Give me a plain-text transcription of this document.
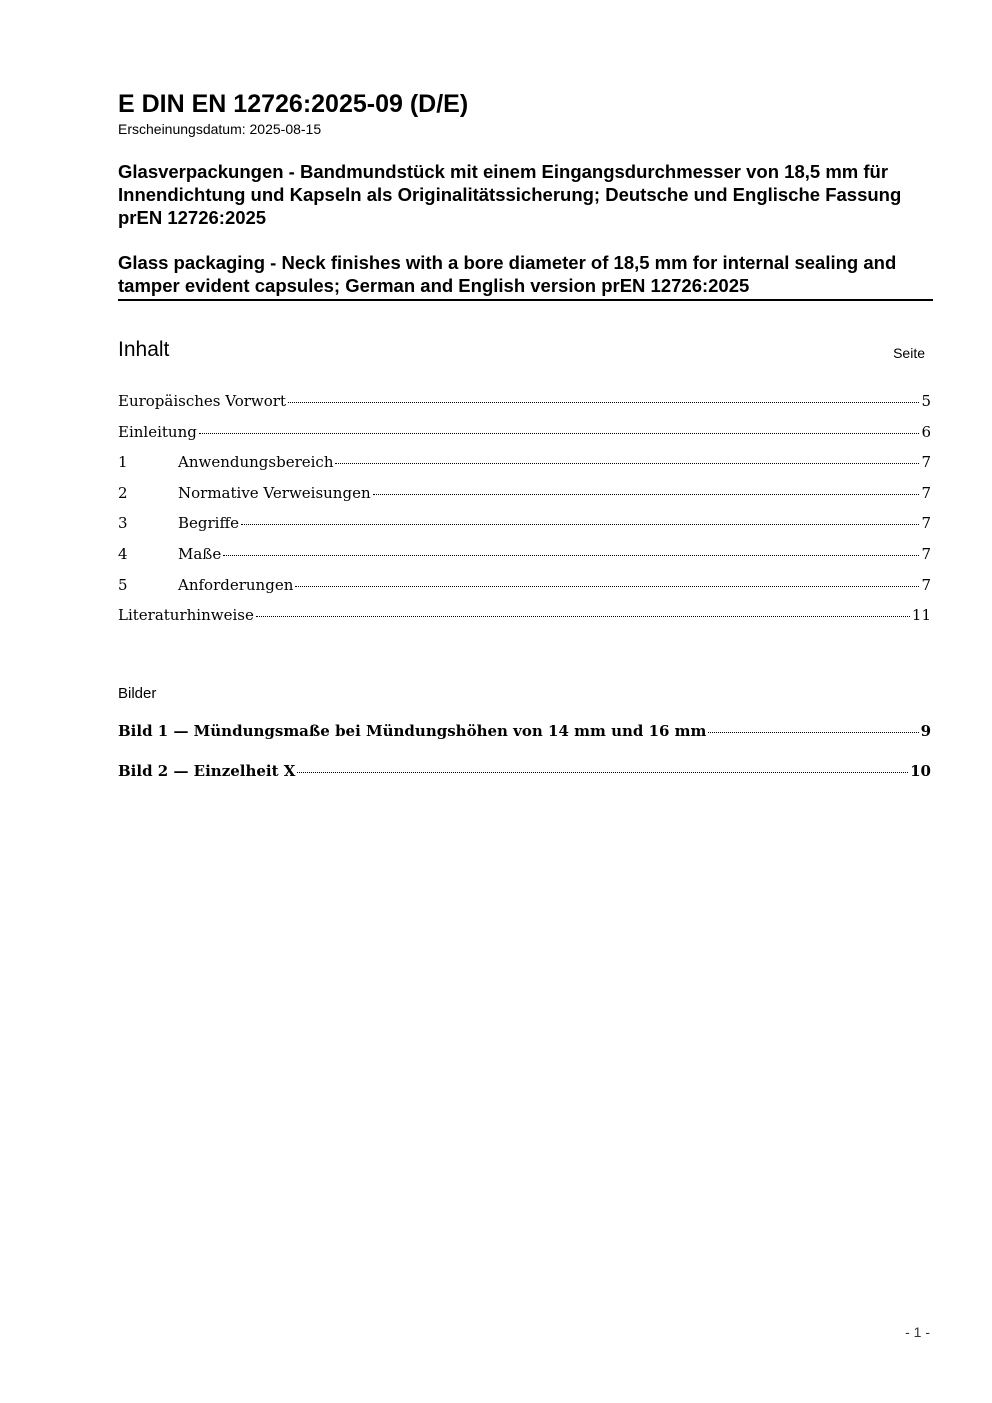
E DIN EN 12726:2025-09 (D/E)
Erscheinungsdatum: 2025-08-15
Glasverpackungen - Bandmundstück mit einem Eingangsdurchmesser von 18,5 mm für Innendichtung und Kapseln als Originalitätssicherung; Deutsche und Englische Fassung prEN 12726:2025
Glass packaging - Neck finishes with a bore diameter of 18,5 mm for internal sealing and tamper evident capsules; German and English version prEN 12726:2025
Inhalt	Seite
Europäisches Vorwort	5
Einleitung	6
1	Anwendungsbereich	7
2	Normative Verweisungen	7
3	Begriffe	7
4	Maße	7
5	Anforderungen	7
Literaturhinweise	11
Bilder
Bild 1 — Mündungsmaße bei Mündungshöhen von 14 mm und 16 mm	9
Bild 2 — Einzelheit X	10
- 1 -
